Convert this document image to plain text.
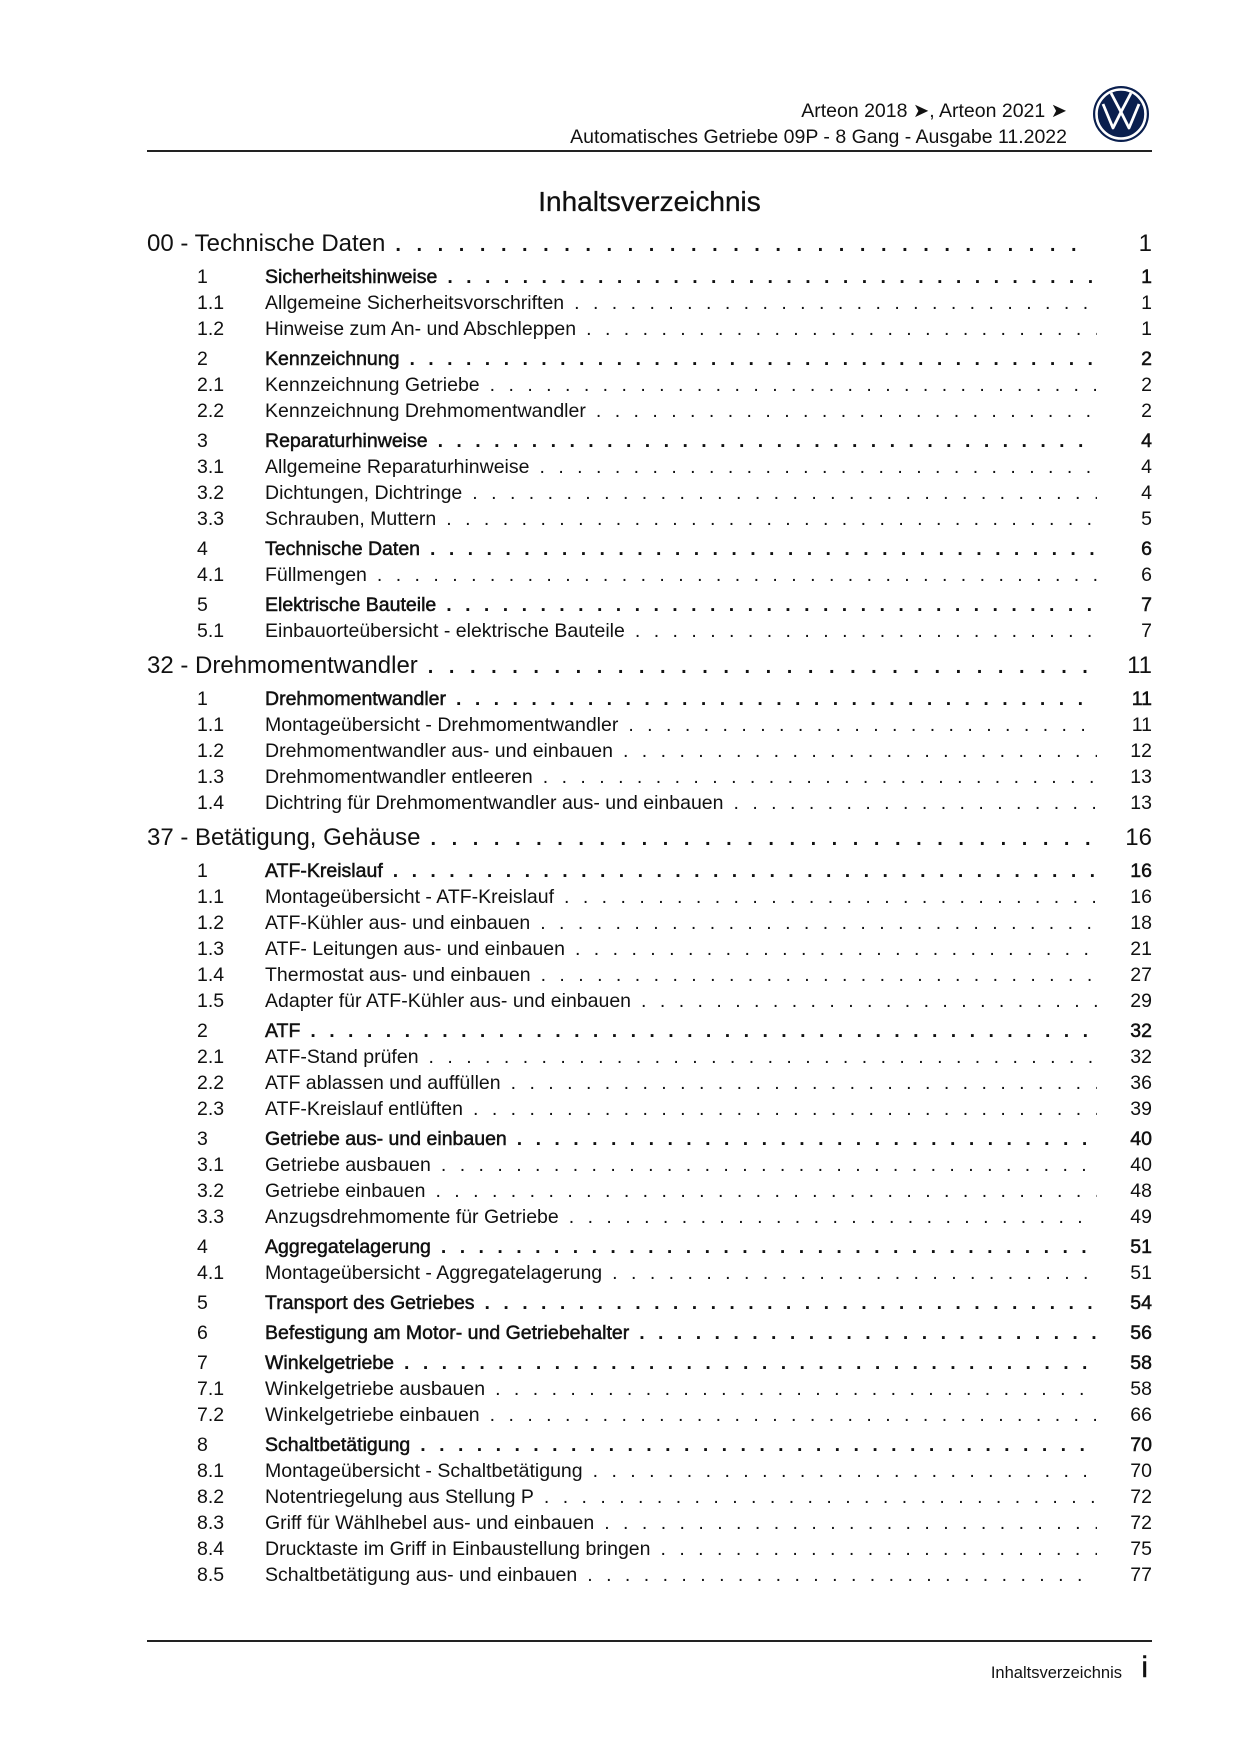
Arteon 2018 ➤, Arteon 2021 ➤
Automatisches Getriebe 09P - 8 Gang - Ausgabe 11.2022
Inhaltsverzeichnis
00 - Technische Daten . . .	1
1	Sicherheitshinweise . . .	1
1.1	Allgemeine Sicherheitsvorschriften . . .	1
1.2	Hinweise zum An- und Abschleppen . . .	1
2	Kennzeichnung . . .	2
2.1	Kennzeichnung Getriebe . . .	2
2.2	Kennzeichnung Drehmomentwandler . . .	2
3	Reparaturhinweise . . .	4
3.1	Allgemeine Reparaturhinweise . . .	4
3.2	Dichtungen, Dichtringe . . .	4
3.3	Schrauben, Muttern . . .	5
4	Technische Daten . . .	6
4.1	Füllmengen . . .	6
5	Elektrische Bauteile . . .	7
5.1	Einbauorteübersicht - elektrische Bauteile . . .	7
32 - Drehmomentwandler . . .	11
1	Drehmomentwandler . . .	11
1.1	Montageübersicht - Drehmomentwandler . . .	11
1.2	Drehmomentwandler aus- und einbauen . . .	12
1.3	Drehmomentwandler entleeren . . .	13
1.4	Dichtring für Drehmomentwandler aus- und einbauen . . .	13
37 - Betätigung, Gehäuse . . .	16
1	ATF-Kreislauf . . .	16
1.1	Montageübersicht - ATF-Kreislauf . . .	16
1.2	ATF-Kühler aus- und einbauen . . .	18
1.3	ATF- Leitungen aus- und einbauen . . .	21
1.4	Thermostat aus- und einbauen . . .	27
1.5	Adapter für ATF-Kühler aus- und einbauen . . .	29
2	ATF . . .	32
2.1	ATF-Stand prüfen . . .	32
2.2	ATF ablassen und auffüllen . . .	36
2.3	ATF-Kreislauf entlüften . . .	39
3	Getriebe aus- und einbauen . . .	40
3.1	Getriebe ausbauen . . .	40
3.2	Getriebe einbauen . . .	48
3.3	Anzugsdrehmomente für Getriebe . . .	49
4	Aggregatelagerung . . .	51
4.1	Montageübersicht - Aggregatelagerung . . .	51
5	Transport des Getriebes . . .	54
6	Befestigung am Motor- und Getriebehalter . . .	56
7	Winkelgetriebe . . .	58
7.1	Winkelgetriebe ausbauen . . .	58
7.2	Winkelgetriebe einbauen . . .	66
8	Schaltbetätigung . . .	70
8.1	Montageübersicht - Schaltbetätigung . . .	70
8.2	Notentriegelung aus Stellung P . . .	72
8.3	Griff für Wählhebel aus- und einbauen . . .	72
8.4	Drucktaste im Griff in Einbaustellung bringen . . .	75
8.5	Schaltbetätigung aus- und einbauen . . .	77
Inhaltsverzeichnis i
